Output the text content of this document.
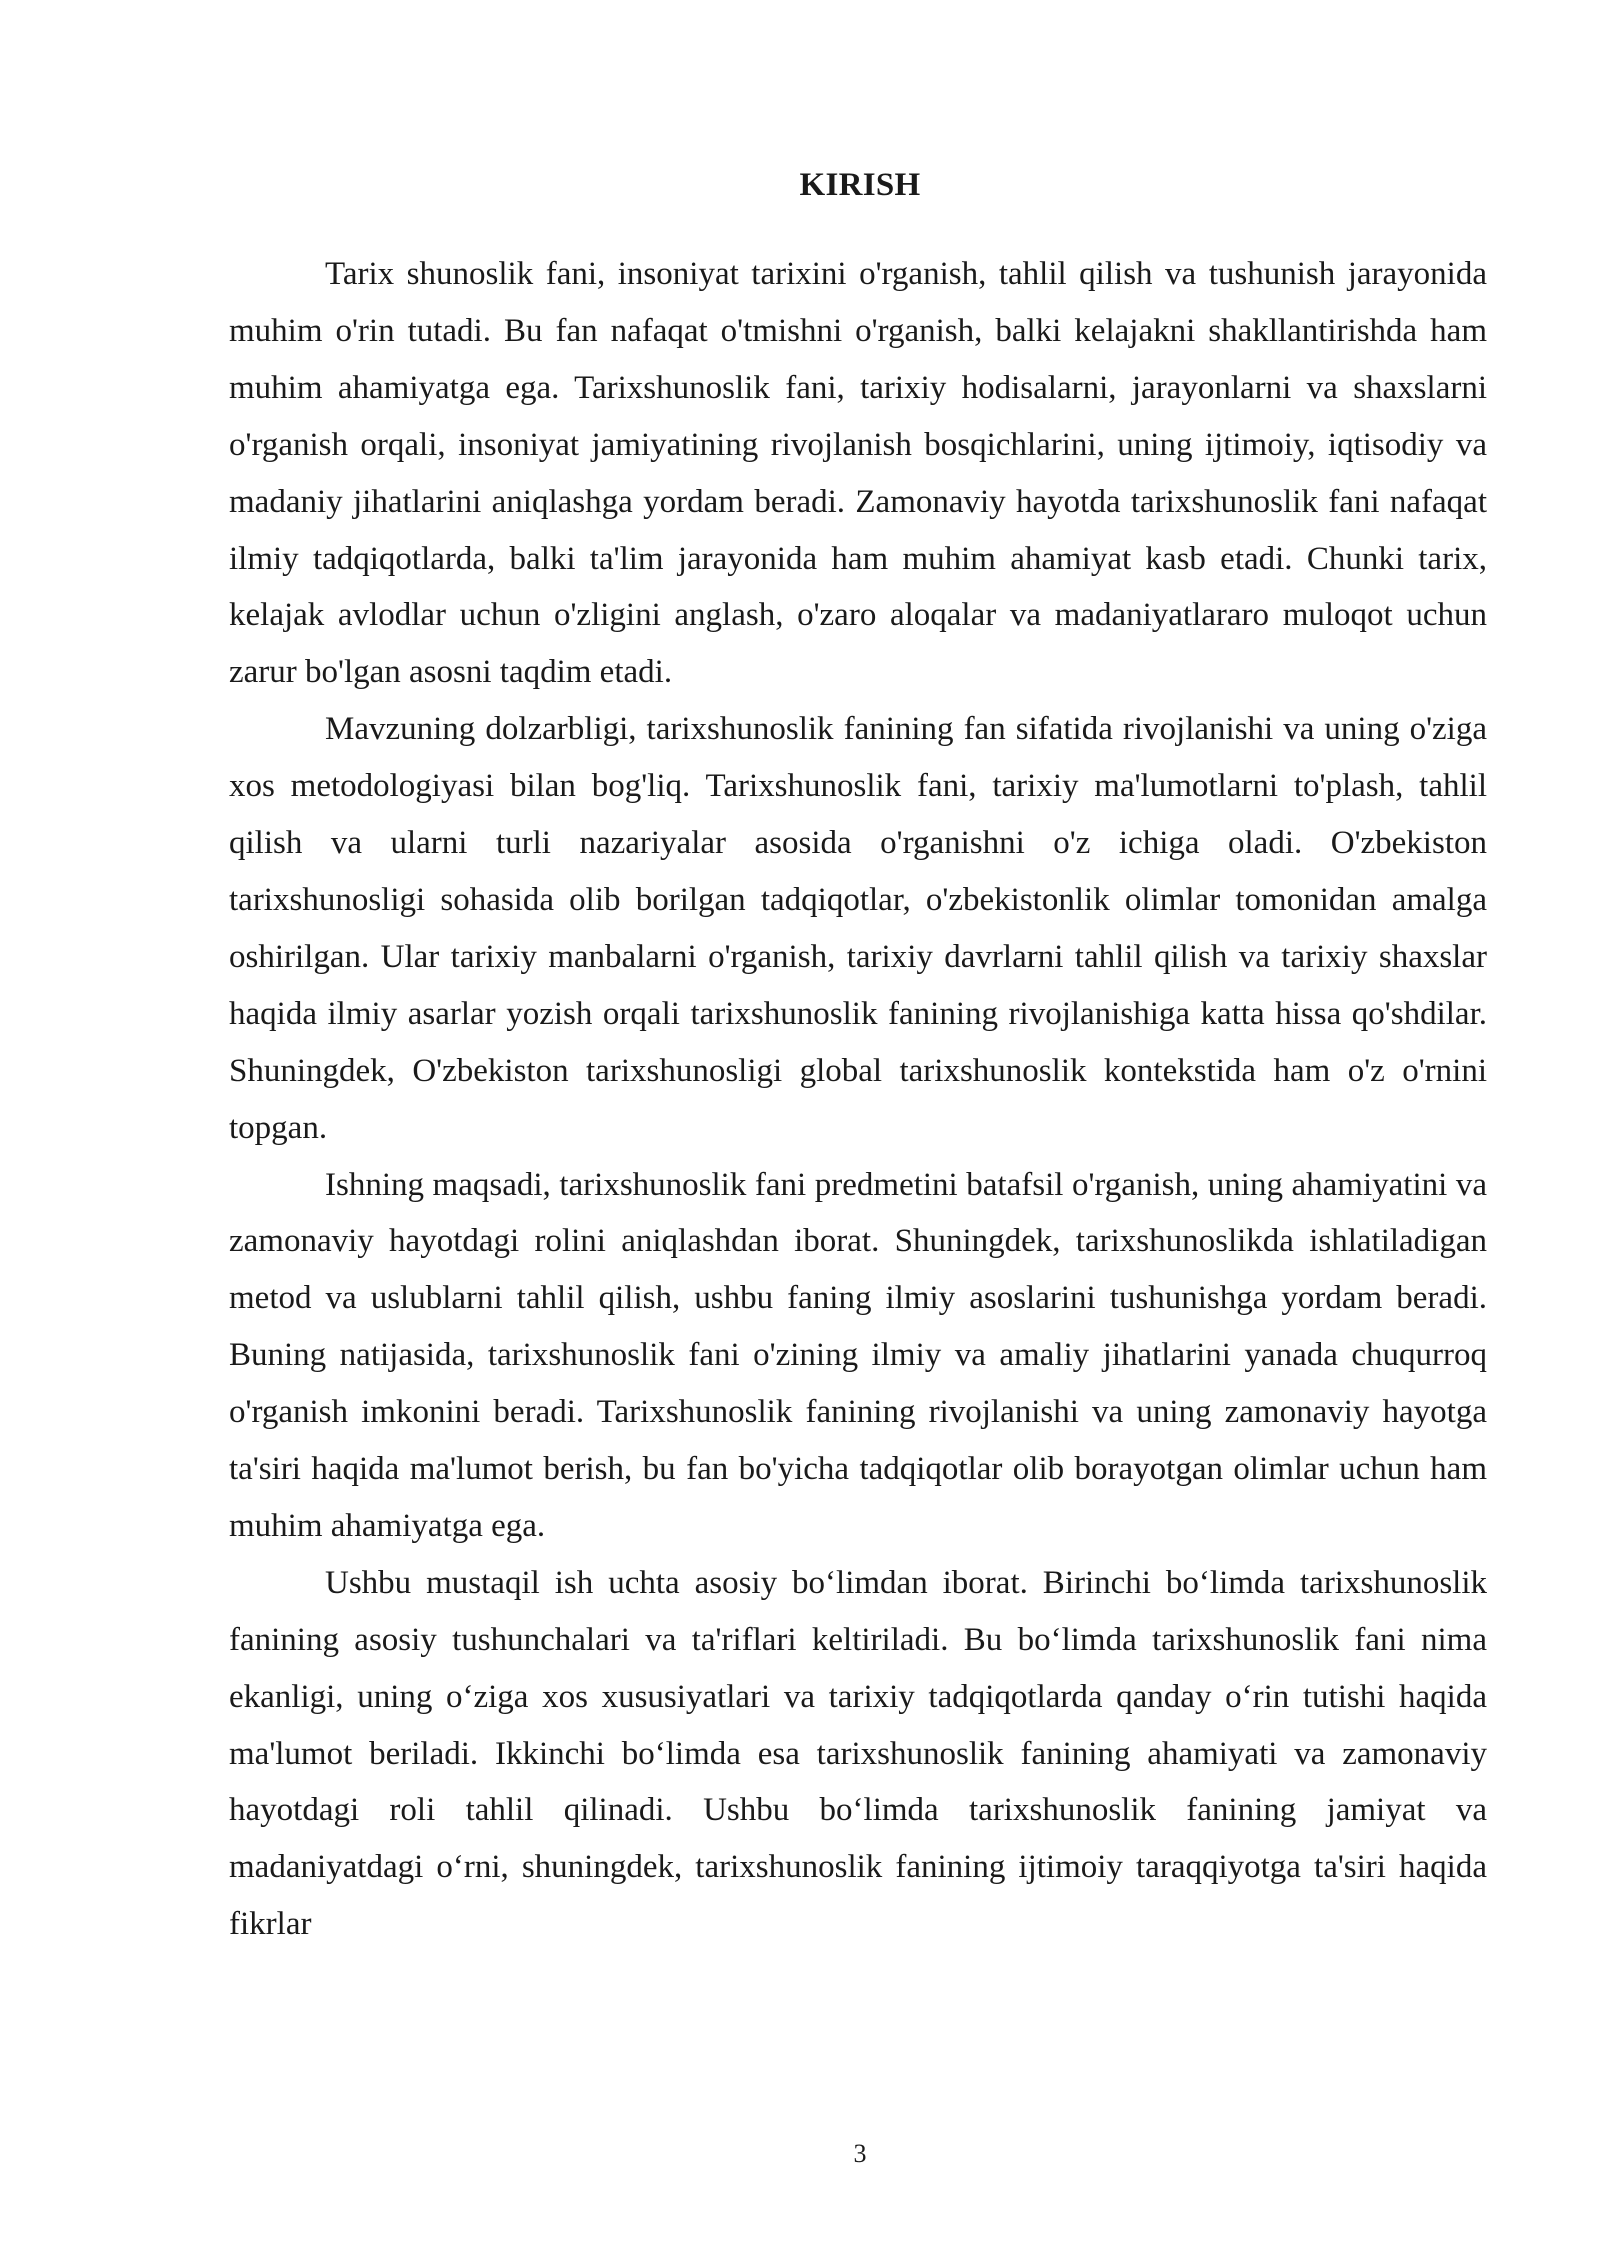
KIRISH

Tarix shunoslik fani, insoniyat tarixini o'rganish, tahlil qilish va tushunish jarayonida muhim o'rin tutadi. Bu fan nafaqat o'tmishni o'rganish, balki kelajakni shakllantirishda ham muhim ahamiyatga ega. Tarixshunoslik fani, tarixiy hodisalarni, jarayonlarni va shaxslarni o'rganish orqali, insoniyat jamiyatining rivojlanish bosqichlarini, uning ijtimoiy, iqtisodiy va madaniy jihatlarini aniqlashga yordam beradi. Zamonaviy hayotda tarixshunoslik fani nafaqat ilmiy tadqiqotlarda, balki ta'lim jarayonida ham muhim ahamiyat kasb etadi. Chunki tarix, kelajak avlodlar uchun o'zligini anglash, o'zaro aloqalar va madaniyatlararo muloqot uchun zarur bo'lgan asosni taqdim etadi.

Mavzuning dolzarbligi, tarixshunoslik fanining fan sifatida rivojlanishi va uning o'ziga xos metodologiyasi bilan bog'liq. Tarixshunoslik fani, tarixiy ma'lumotlarni to'plash, tahlil qilish va ularni turli nazariyalar asosida o'rganishni o'z ichiga oladi. O'zbekiston tarixshunosligi sohasida olib borilgan tadqiqotlar, o'zbekistonlik olimlar tomonidan amalga oshirilgan. Ular tarixiy manbalarni o'rganish, tarixiy davrlarni tahlil qilish va tarixiy shaxslar haqida ilmiy asarlar yozish orqali tarixshunoslik fanining rivojlanishiga katta hissa qo'shdilar. Shuningdek, O'zbekiston tarixshunosligi global tarixshunoslik kontekstida ham o'z o'rnini topgan.

Ishning maqsadi, tarixshunoslik fani predmetini batafsil o'rganish, uning ahamiyatini va zamonaviy hayotdagi rolini aniqlashdan iborat. Shuningdek, tarixshunoslikda ishlatiladigan metod va uslublarni tahlil qilish, ushbu faning ilmiy asoslarini tushunishga yordam beradi. Buning natijasida, tarixshunoslik fani o'zining ilmiy va amaliy jihatlarini yanada chuqurroq o'rganish imkonini beradi. Tarixshunoslik fanining rivojlanishi va uning zamonaviy hayotga ta'siri haqida ma'lumot berish, bu fan bo'yicha tadqiqotlar olib borayotgan olimlar uchun ham muhim ahamiyatga ega.

Ushbu mustaqil ish uchta asosiy bo‘limdan iborat. Birinchi bo‘limda tarixshunoslik fanining asosiy tushunchalari va ta'riflari keltiriladi. Bu bo‘limda tarixshunoslik fani nima ekanligi, uning o‘ziga xos xususiyatlari va tarixiy tadqiqotlarda qanday o‘rin tutishi haqida ma'lumot beriladi. Ikkinchi bo‘limda esa tarixshunoslik fanining ahamiyati va zamonaviy hayotdagi roli tahlil qilinadi. Ushbu bo‘limda tarixshunoslik fanining jamiyat va madaniyatdagi o‘rni, shuningdek, tarixshunoslik fanining ijtimoiy taraqqiyotga ta'siri haqida fikrlar

3
